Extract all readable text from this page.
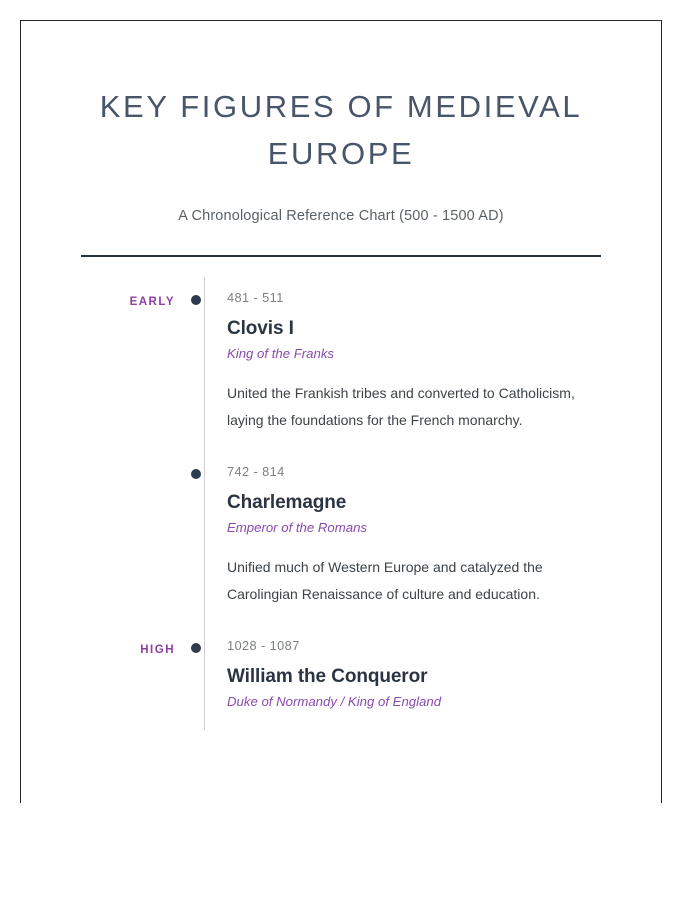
KEY FIGURES OF MEDIEVAL EUROPE
A Chronological Reference Chart (500 - 1500 AD)
EARLY	481 - 511
Clovis I
King of the Franks
United the Frankish tribes and converted to Catholicism, laying the foundations for the French monarchy.
742 - 814
Charlemagne
Emperor of the Romans
Unified much of Western Europe and catalyzed the Carolingian Renaissance of culture and education.
HIGH	1028 - 1087
William the Conqueror
Duke of Normandy / King of England
